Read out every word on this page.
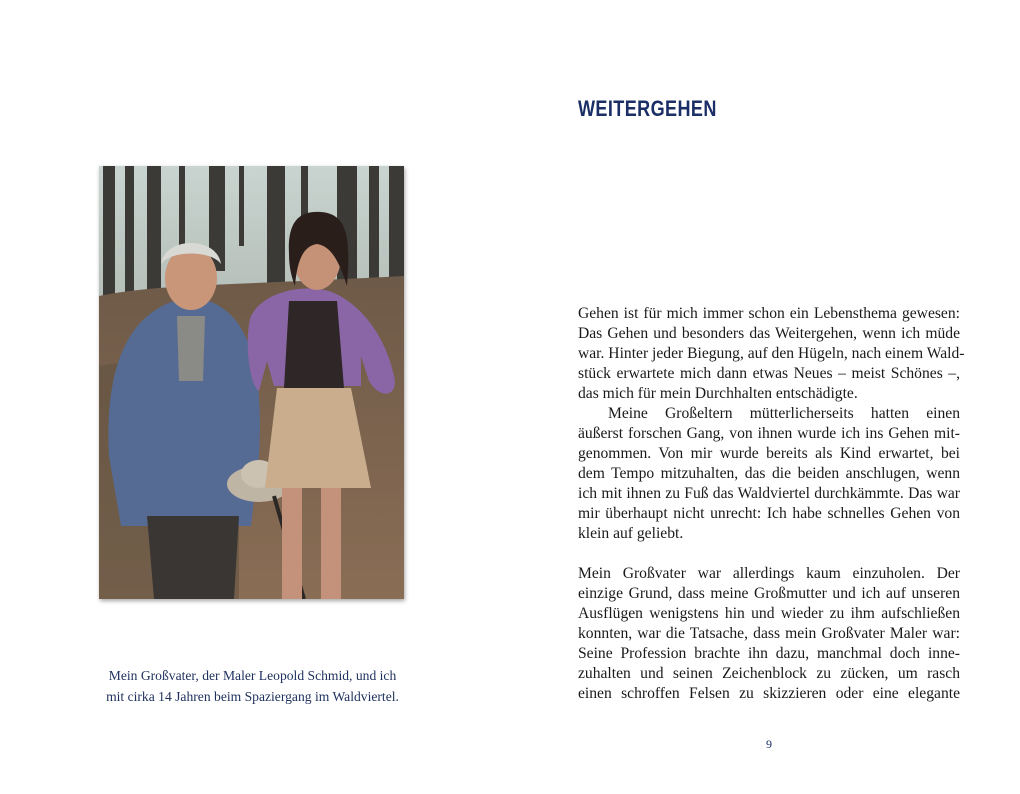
Mein Großvater, der Maler Leopold Schmid, und ich
mit cirka 14 Jahren beim Spaziergang im Waldviertel.
WEITERGEHEN
Gehen ist für mich immer schon ein Lebensthema gewesen:
Das Gehen und besonders das Weitergehen, wenn ich müde
war. Hinter jeder Biegung, auf den Hügeln, nach einem Wald-
stück erwartete mich dann etwas Neues – meist Schönes –,
das mich für mein Durchhalten entschädigte.
Meine Großeltern mütterlicherseits hatten einen
äußerst forschen Gang, von ihnen wurde ich ins Gehen mit-
genommen. Von mir wurde bereits als Kind erwartet, bei
dem Tempo mitzuhalten, das die beiden anschlugen, wenn
ich mit ihnen zu Fuß das Waldviertel durchkämmte. Das war
mir überhaupt nicht unrecht: Ich habe schnelles Gehen von
klein auf geliebt.
Mein Großvater war allerdings kaum einzuholen. Der
einzige Grund, dass meine Großmutter und ich auf unseren
Ausflügen wenigstens hin und wieder zu ihm aufschließen
konnten, war die Tatsache, dass mein Großvater Maler war:
Seine Profession brachte ihn dazu, manchmal doch inne-
zuhalten und seinen Zeichenblock zu zücken, um rasch
einen schroffen Felsen zu skizzieren oder eine elegante
9
